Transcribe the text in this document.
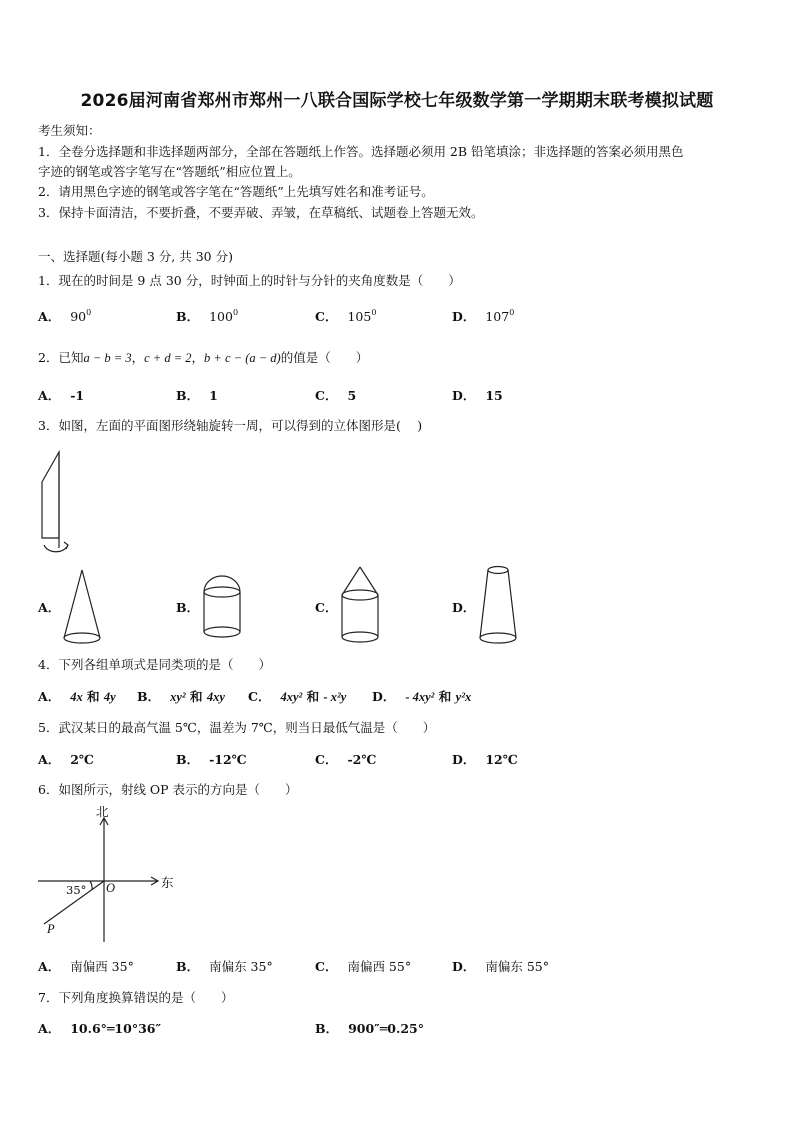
2026届河南省郑州市郑州一八联合国际学校七年级数学第一学期期末联考模拟试题
考生须知：
1．全卷分选择题和非选择题两部分，全部在答题纸上作答。选择题必须用 2B 铅笔填涂；非选择题的答案必须用黑色
字迹的钢笔或答字笔写在“答题纸”相应位置上。
2．请用黑色字迹的钢笔或答字笔在“答题纸”上先填写姓名和准考证号。
3．保持卡面清洁，不要折叠，不要弄破、弄皱，在草稿纸、试题卷上答题无效。
一、选择题(每小题 3 分, 共 30 分)
1．现在的时间是 9 点 30 分，时钟面上的时针与分针的夹角度数是（　　）
A． $90^0$	B． $100^0$	C． $105^0$	D． $107^0$
2．已知a − b = 3，c + d = 2，b + c − (a − d)的值是（　　）
A． -1	B． 1	C． 5	D． 15
3．如图，左面的平面图形绕轴旋转一周，可以得到的立体图形是(　 )
A．	B．	C．	D．
4．下列各组单项式是同类项的是（　　）
A． 4x 和 4y B． xy² 和 4xy C． 4xy² 和 - x²y D． - 4xy² 和 y²x
5．武汉某日的最高气温 5℃，温差为 7℃，则当日最低气温是（　　）
A． 2℃	B． -12℃	C． -2℃	D． 12℃
6．如图所示，射线 OP 表示的方向是（　　）
北
东
35° O
P
A． 南偏西 35°	B． 南偏东 35°	C． 南偏西 55°	D． 南偏东 55°
7．下列角度换算错误的是（　　）
A． 10.6°═10°36″	B． 900″═0.25°
